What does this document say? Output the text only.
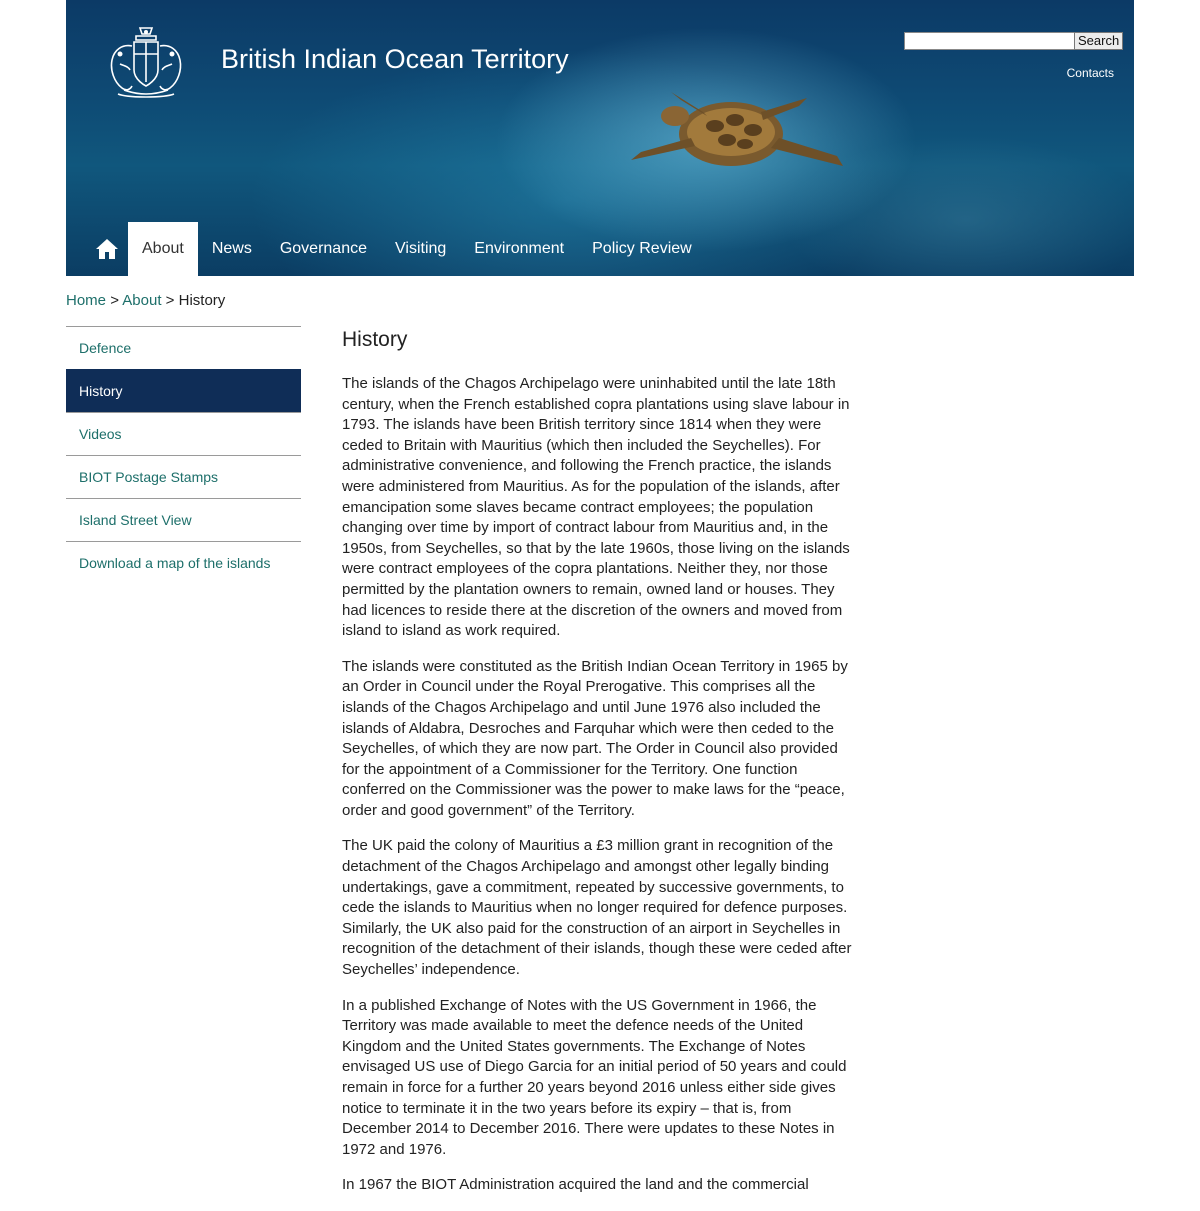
British Indian Ocean Territory
Search
Contacts
About	News	Governance	Visiting	Environment	Policy Review
Home > About > History
Defence
History
Videos
BIOT Postage Stamps
Island Street View
Download a map of the islands
History

The islands of the Chagos Archipelago were uninhabited until the late 18th century, when the French established copra plantations using slave labour in 1793. The islands have been British territory since 1814 when they were ceded to Britain with Mauritius (which then included the Seychelles). For administrative convenience, and following the French practice, the islands were administered from Mauritius. As for the population of the islands, after emancipation some slaves became contract employees; the population changing over time by import of contract labour from Mauritius and, in the 1950s, from Seychelles, so that by the late 1960s, those living on the islands were contract employees of the copra plantations. Neither they, nor those permitted by the plantation owners to remain, owned land or houses. They had licences to reside there at the discretion of the owners and moved from island to island as work required.

The islands were constituted as the British Indian Ocean Territory in 1965 by an Order in Council under the Royal Prerogative. This comprises all the islands of the Chagos Archipelago and until June 1976 also included the islands of Aldabra, Desroches and Farquhar which were then ceded to the Seychelles, of which they are now part. The Order in Council also provided for the appointment of a Commissioner for the Territory. One function conferred on the Commissioner was the power to make laws for the “peace, order and good government” of the Territory.

The UK paid the colony of Mauritius a £3 million grant in recognition of the detachment of the Chagos Archipelago and amongst other legally binding undertakings, gave a commitment, repeated by successive governments, to cede the islands to Mauritius when no longer required for defence purposes. Similarly, the UK also paid for the construction of an airport in Seychelles in recognition of the detachment of their islands, though these were ceded after Seychelles’ independence.

In a published Exchange of Notes with the US Government in 1966, the Territory was made available to meet the defence needs of the United Kingdom and the United States governments. The Exchange of Notes envisaged US use of Diego Garcia for an initial period of 50 years and could remain in force for a further 20 years beyond 2016 unless either side gives notice to terminate it in the two years before its expiry – that is, from December 2014 to December 2016. There were updates to these Notes in 1972 and 1976.

In 1967 the BIOT Administration acquired the land and the commercial
